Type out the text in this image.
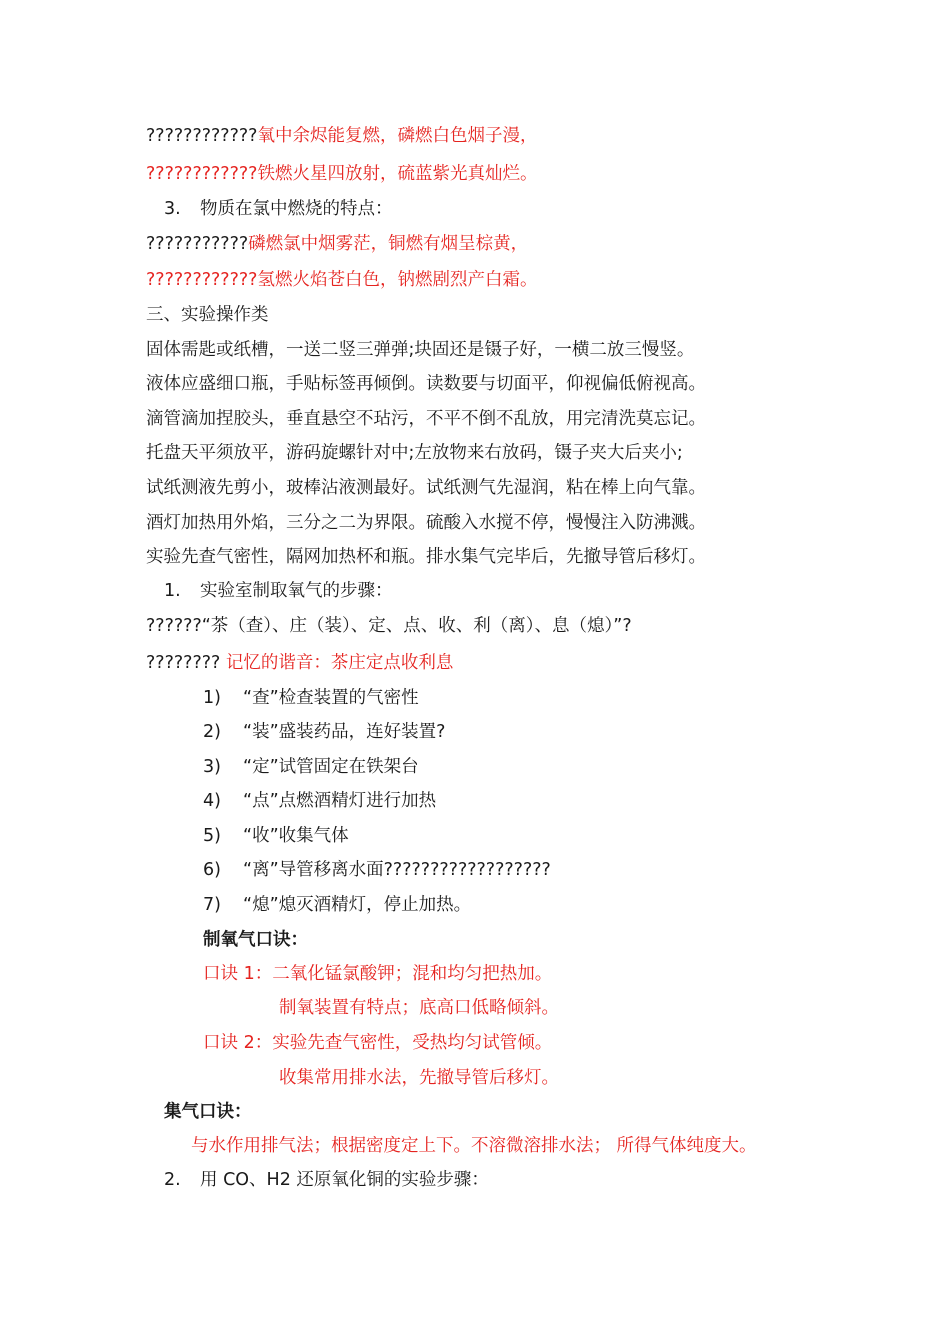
????????????氧中余烬能复燃，磷燃白色烟子漫，
????????????铁燃火星四放射，硫蓝紫光真灿烂。
3. 物质在氯中燃烧的特点：
???????????磷燃氯中烟雾茫，铜燃有烟呈棕黄，
????????????氢燃火焰苍白色，钠燃剧烈产白霜。
三、实验操作类
固体需匙或纸槽，一送二竖三弹弹;块固还是镊子好，一横二放三慢竖。
液体应盛细口瓶，手贴标签再倾倒。读数要与切面平，仰视偏低俯视高。
滴管滴加捏胶头，垂直悬空不玷污，不平不倒不乱放，用完清洗莫忘记。
托盘天平须放平，游码旋螺针对中;左放物来右放码，镊子夹大后夹小;
试纸测液先剪小，玻棒沾液测最好。试纸测气先湿润，粘在棒上向气靠。
酒灯加热用外焰，三分之二为界限。硫酸入水搅不停，慢慢注入防沸溅。
实验先查气密性，隔网加热杯和瓶。排水集气完毕后，先撤导管后移灯。
1. 实验室制取氧气的步骤：
??????“茶（查）、庄（装）、定、点、收、利（离）、息（熄）”?
???????? 记忆的谐音：茶庄定点收利息
1) “查”检查装置的气密性
2) “装”盛装药品，连好装置?
3) “定”试管固定在铁架台
4) “点”点燃酒精灯进行加热
5) “收”收集气体
6) “离”导管移离水面??????????????????
7) “熄”熄灭酒精灯，停止加热。
制氧气口诀：
口诀 1：二氧化锰氯酸钾；混和均匀把热加。
制氧装置有特点；底高口低略倾斜。
口诀 2：实验先查气密性，受热均匀试管倾。
收集常用排水法，先撤导管后移灯。
集气口诀：
与水作用排气法；根据密度定上下。不溶微溶排水法； 所得气体纯度大。
2. 用 CO、H2 还原氧化铜的实验步骤：
